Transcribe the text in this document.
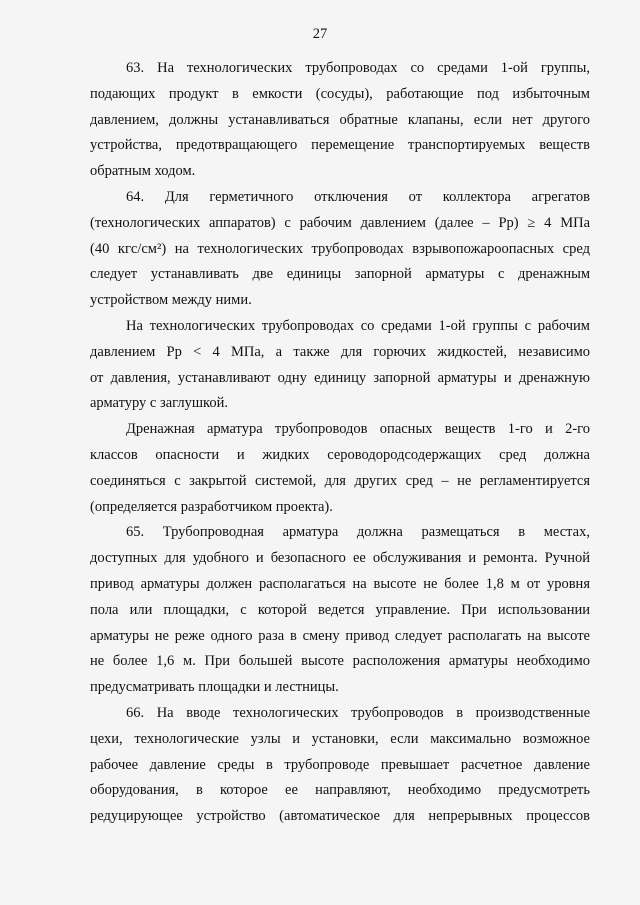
27
63. На технологических трубопроводах со средами 1-ой группы,
подающих продукт в емкости (сосуды), работающие под избыточным
давлением, должны устанавливаться обратные клапаны, если нет другого
устройства, предотвращающего перемещение транспортируемых веществ
обратным ходом.
64. Для герметичного отключения от коллектора агрегатов
(технологических аппаратов) с рабочим давлением (далее – Pр) ≥ 4 МПа
(40 кгс/см²) на технологических трубопроводах взрывопожароопасных сред
следует устанавливать две единицы запорной арматуры с дренажным
устройством между ними.
На технологических трубопроводах со средами 1-ой группы с рабочим
давлением Pр < 4 МПа, а также для горючих жидкостей, независимо
от давления, устанавливают одну единицу запорной арматуры и дренажную
арматуру с заглушкой.
Дренажная арматура трубопроводов опасных веществ 1-го и 2-го
классов опасности и жидких сероводородсодержащих сред должна
соединяться с закрытой системой, для других сред – не регламентируется
(определяется разработчиком проекта).
65. Трубопроводная арматура должна размещаться в местах,
доступных для удобного и безопасного ее обслуживания и ремонта. Ручной
привод арматуры должен располагаться на высоте не более 1,8 м от уровня
пола или площадки, с которой ведется управление. При использовании
арматуры не реже одного раза в смену привод следует располагать на высоте
не более 1,6 м. При большей высоте расположения арматуры необходимо
предусматривать площадки и лестницы.
66. На вводе технологических трубопроводов в производственные
цехи, технологические узлы и установки, если максимально возможное
рабочее давление среды в трубопроводе превышает расчетное давление
оборудования, в которое ее направляют, необходимо предусмотреть
редуцирующее устройство (автоматическое для непрерывных процессов
